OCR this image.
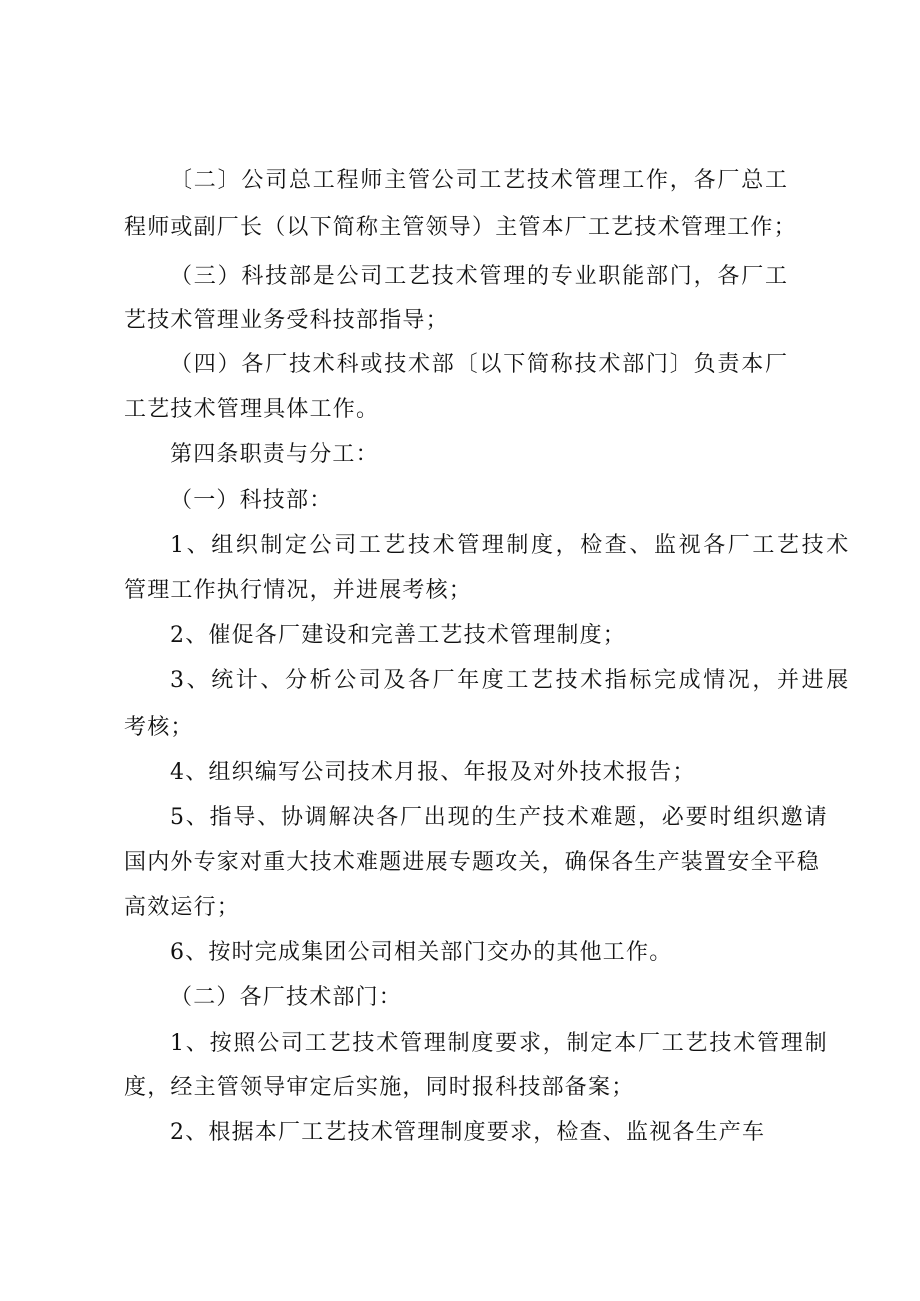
〔二〕公司总工程师主管公司工艺技术管理工作，各厂总工
程师或副厂长（以下简称主管领导）主管本厂工艺技术管理工作；
（三）科技部是公司工艺技术管理的专业职能部门，各厂工
艺技术管理业务受科技部指导；
（四）各厂技术科或技术部〔以下简称技术部门〕负责本厂
工艺技术管理具体工作。
第四条职责与分工：
（一）科技部：
1、组织制定公司工艺技术管理制度，检查、监视各厂工艺技术
管理工作执行情况，并进展考核；
2、催促各厂建设和完善工艺技术管理制度；
3、统计、分析公司及各厂年度工艺技术指标完成情况，并进展
考核；
4、组织编写公司技术月报、年报及对外技术报告；
5、指导、协调解决各厂出现的生产技术难题，必要时组织邀请
国内外专家对重大技术难题进展专题攻关，确保各生产装置安全平稳
高效运行；
6、按时完成集团公司相关部门交办的其他工作。
（二）各厂技术部门：
1、按照公司工艺技术管理制度要求，制定本厂工艺技术管理制
度，经主管领导审定后实施，同时报科技部备案；
2、根据本厂工艺技术管理制度要求，检查、监视各生产车
